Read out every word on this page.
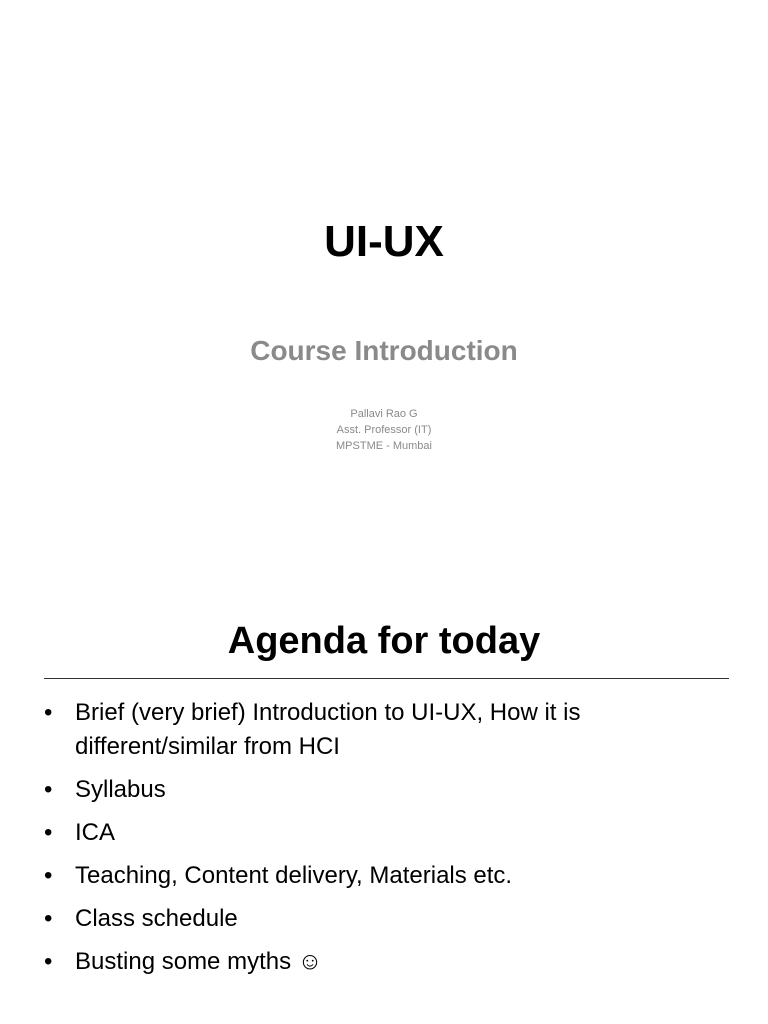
UI-UX
Course Introduction
Pallavi Rao G
Asst. Professor (IT)
MPSTME - Mumbai
Agenda for today
• Brief (very brief) Introduction to UI-UX, How it is different/similar from HCI
• Syllabus
• ICA
• Teaching, Content delivery, Materials etc.
• Class schedule
• Busting some myths ☺
